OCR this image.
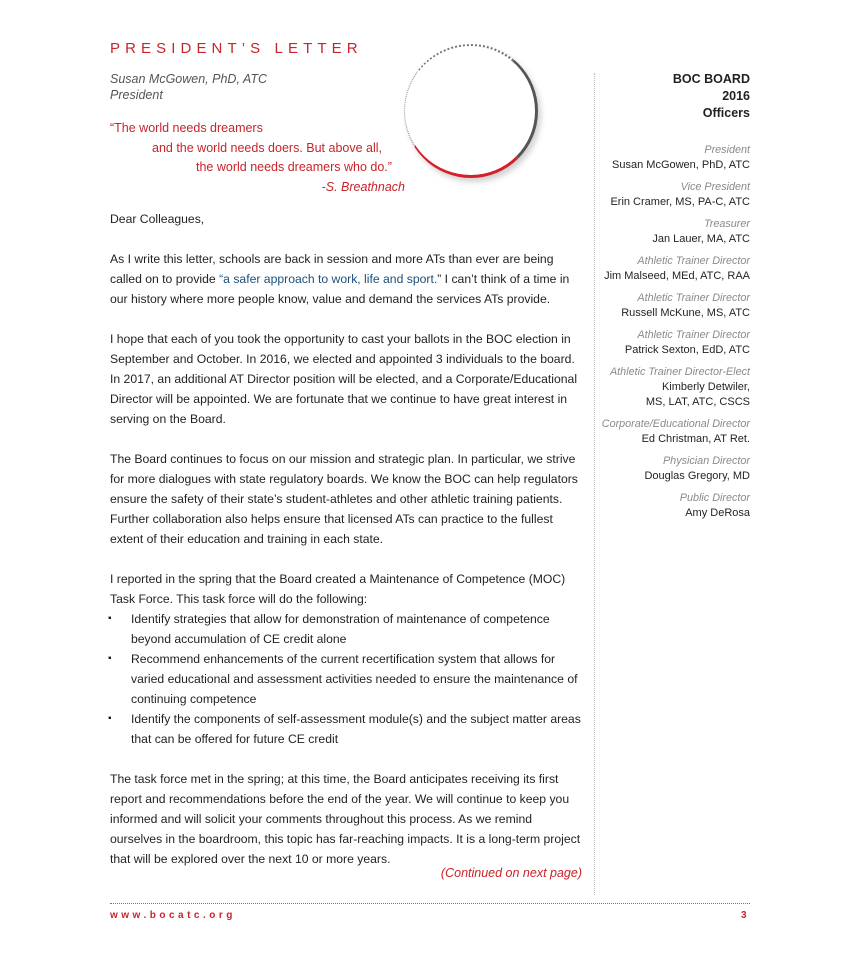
PRESIDENT’S LETTER
Susan McGowen, PhD, ATC
President
“The world needs dreamers
and the world needs doers. But above all,
the world needs dreamers who do.”
-S. Breathnach

Dear Colleagues,

As I write this letter, schools are back in session and more ATs than ever are being called on to provide “a safer approach to work, life and sport.” I can’t think of a time in our history where more people know, value and demand the services ATs provide.

I hope that each of you took the opportunity to cast your ballots in the BOC election in September and October. In 2016, we elected and appointed 3 individuals to the board. In 2017, an additional AT Director position will be elected, and a Corporate/Educational Director will be appointed. We are fortunate that we continue to have great interest in serving on the Board.

The Board continues to focus on our mission and strategic plan. In particular, we strive for more dialogues with state regulatory boards. We know the BOC can help regulators ensure the safety of their state’s student-athletes and other athletic training patients. Further collaboration also helps ensure that licensed ATs can practice to the fullest extent of their education and training in each state.

I reported in the spring that the Board created a Maintenance of Competence (MOC) Task Force. This task force will do the following:

▪ Identify strategies that allow for demonstration of maintenance of competence beyond accumulation of CE credit alone
▪ Recommend enhancements of the current recertification system that allows for varied educational and assessment activities needed to ensure the maintenance of continuing competence
▪ Identify the components of self-assessment module(s) and the subject matter areas that can be offered for future CE credit

The task force met in the spring; at this time, the Board anticipates receiving its first report and recommendations before the end of the year. We will continue to keep you informed and will solicit your comments throughout this process. As we remind ourselves in the boardroom, this topic has far-reaching impacts. It is a long-term project that will be explored over the next 10 or more years.

(Continued on next page)
BOC BOARD
2016
Officers
President
Susan McGowen, PhD, ATC
Vice President
Erin Cramer, MS, PA-C, ATC
Treasurer
Jan Lauer, MA, ATC
Athletic Trainer Director
Jim Malseed, MEd, ATC, RAA
Athletic Trainer Director
Russell McKune, MS, ATC
Athletic Trainer Director
Patrick Sexton, EdD, ATC
Athletic Trainer Director-Elect
Kimberly Detwiler,
MS, LAT, ATC, CSCS
Corporate/Educational Director
Ed Christman, AT Ret.
Physician Director
Douglas Gregory, MD
Public Director
Amy DeRosa
www.bocatc.org	3
